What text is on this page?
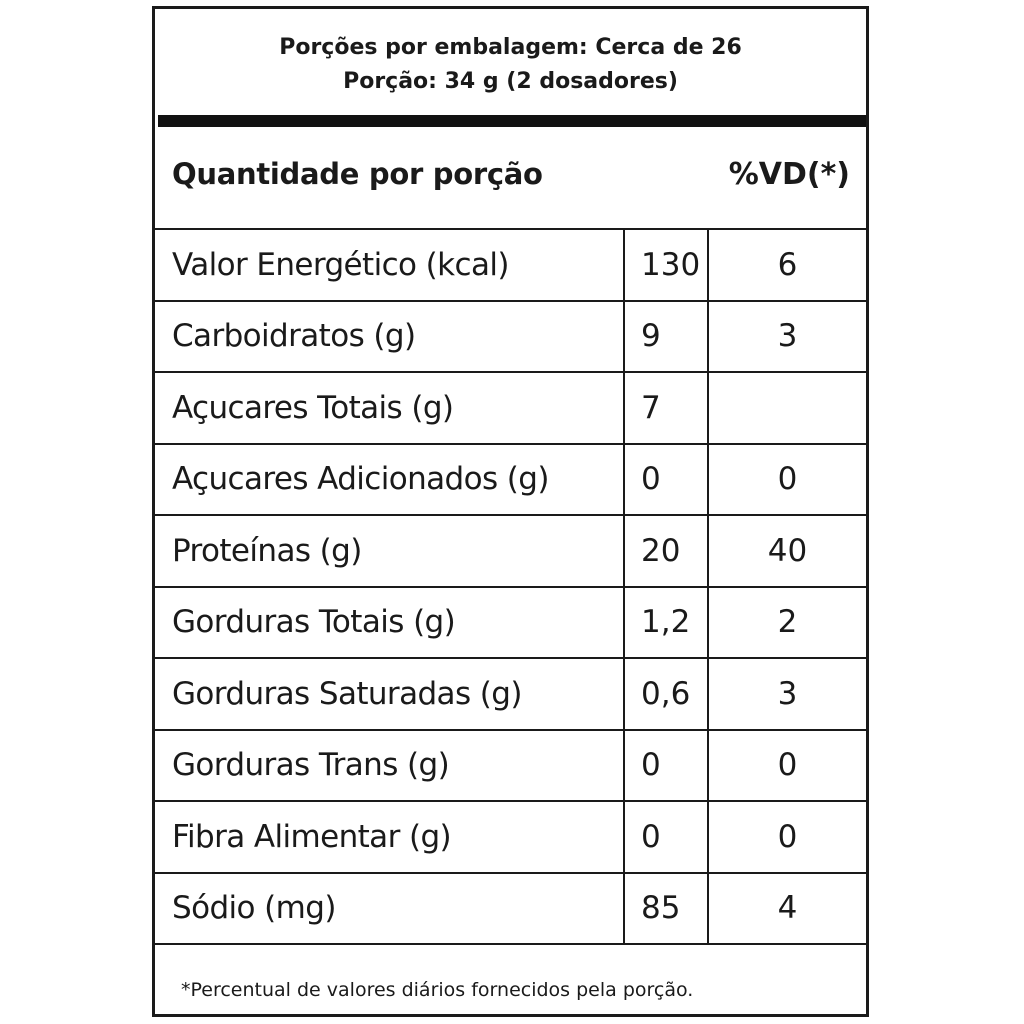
Porções por embalagem: Cerca de 26
Porção: 34 g (2 dosadores)
Quantidade por porção	%VD(*)
Valor Energético (kcal)	130	6
Carboidratos (g)	9	3
Açucares Totais (g)	7
Açucares Adicionados (g)	0	0
Proteínas (g)	20	40
Gorduras Totais (g)	1,2	2
Gorduras Saturadas (g)	0,6	3
Gorduras Trans (g)	0	0
Fibra Alimentar (g)	0	0
Sódio (mg)	85	4
*Percentual de valores diários fornecidos pela porção.
